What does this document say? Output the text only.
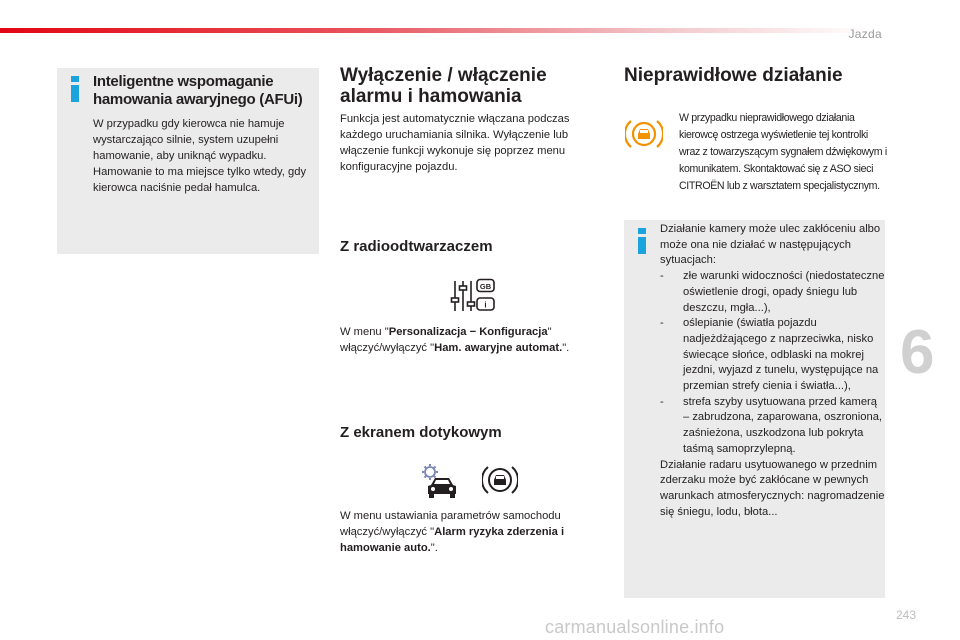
Jazda
Inteligentne wspomaganie hamowania awaryjnego (AFUi)
W przypadku gdy kierowca nie hamuje wystarczająco silnie, system uzupełni hamowanie, aby uniknąć wypadku. Hamowanie to ma miejsce tylko wtedy, gdy kierowca naciśnie pedał hamulca.
Wyłączenie / włączenie alarmu i hamowania
Funkcja jest automatycznie włączana podczas każdego uruchamiania silnika. Wyłączenie lub włączenie funkcji wykonuje się poprzez menu konfiguracyjne pojazdu.
Z radioodtwarzaczem
GB
i
W menu "Personalizacja − Konfiguracja" włączyć/wyłączyć "Ham. awaryjne automat.".
Z ekranem dotykowym
W menu ustawiania parametrów samochodu włączyć/wyłączyć "Alarm ryzyka zderzenia i hamowanie auto.".
Nieprawidłowe działanie
W przypadku nieprawidłowego działania kierowcę ostrzega wyświetlenie tej kontrolki wraz z towarzyszącym sygnałem dźwiękowym i komunikatem. Skontaktować się z ASO sieci CITROËN lub z warsztatem specjalistycznym.
Działanie kamery może ulec zakłóceniu albo może ona nie działać w następujących sytuacjach:
-	złe warunki widoczności (niedostateczne oświetlenie drogi, opady śniegu lub deszczu, mgła...),
-	oślepianie (światła pojazdu nadjeżdżającego z naprzeciwka, nisko świecące słońce, odblaski na mokrej jezdni, wyjazd z tunelu, występujące na przemian strefy cienia i światła...),
-	strefa szyby usytuowana przed kamerą – zabrudzona, zaparowana, oszroniona, zaśnieżona, uszkodzona lub pokryta taśmą samoprzylepną.
Działanie radaru usytuowanego w przednim zderzaku może być zakłócane w pewnych warunkach atmosferycznych: nagromadzenie się śniegu, lodu, błota...
6
carmanualsonline.info
243
